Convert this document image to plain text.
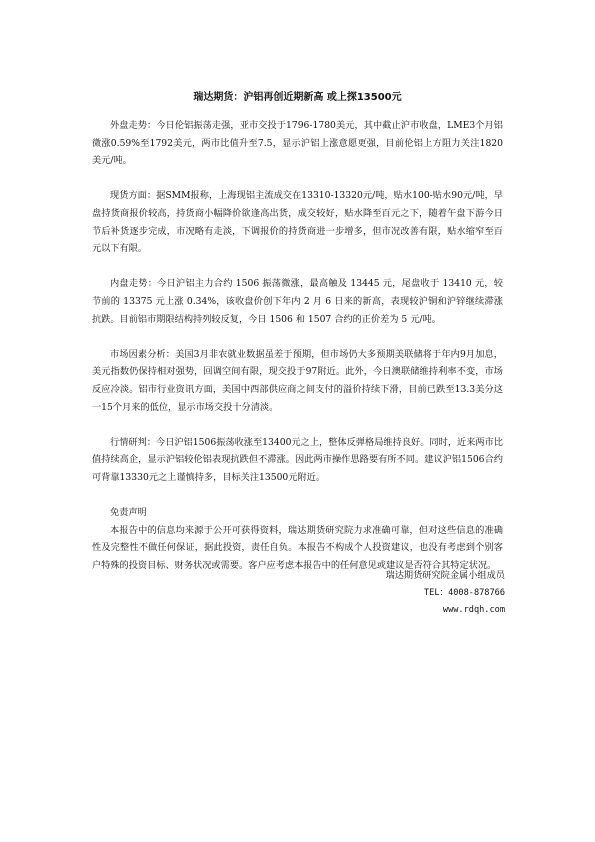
瑞达期货：沪铝再创近期新高 或上探13500元

外盘走势：今日伦铝振荡走强，亚市交投于1796-1780美元，其中截止沪市收盘，LME3个月铝微涨0.59%至1792美元，两市比值升至7.5，显示沪铝上涨意愿更强，目前伦铝上方阻力关注1820美元/吨。

现货方面：据SMM报称，上海现铝主流成交在13310-13320元/吨，贴水100-贴水90元/吨，早盘持货商报价较高，持货商小幅降价欲逢高出货，成交较好，贴水降至百元之下，随着午盘下游今日节后补货逐步完成，市况略有走淡，下调报价的持货商进一步增多，但市况改善有限，贴水缩窄至百元以下有限。

内盘走势：今日沪铝主力合约 1506 振荡微涨，最高触及 13445 元，尾盘收于 13410 元，较节前的 13375 元上涨 0.34%，该收盘价创下年内 2 月 6 日来的新高，表现较沪铜和沪锌继续滞涨抗跌。目前铝市期限结构持列较反复，今日 1506 和 1507 合约的正价差为 5 元/吨。

市场因素分析：美国3月非农就业数据虽差于预期，但市场仍大多预期美联储将于年内9月加息，美元指数仍保持相对强势，回调空间有限，现交投于97附近。此外，今日澳联储维持利率不变，市场反应冷淡。铝市行业资讯方面，美国中西部供应商之间支付的溢价持续下滑，目前已跌至13.3美分这一15个月来的低位，显示市场交投十分清淡。

行情研判：今日沪铝1506振荡收涨至13400元之上，整体反弹格局维持良好。同时，近来两市比值持续高企，显示沪铝较伦铝表现抗跌但不滞涨。因此两市操作思路要有所不同。建议沪铝1506合约可背靠13330元之上谨慎持多，目标关注13500元附近。

免责声明

本报告中的信息均来源于公开可获得资料，瑞达期货研究院力求准确可靠，但对这些信息的准确性及完整性不做任何保证，据此投资，责任自负。本报告不构成个人投资建议，也没有考虑到个别客户特殊的投资目标、财务状况或需要。客户应考虑本报告中的任何意见或建议是否符合其特定状况。

瑞达期货研究院金属小组成员
TEL：4008-878766
www.rdqh.com
